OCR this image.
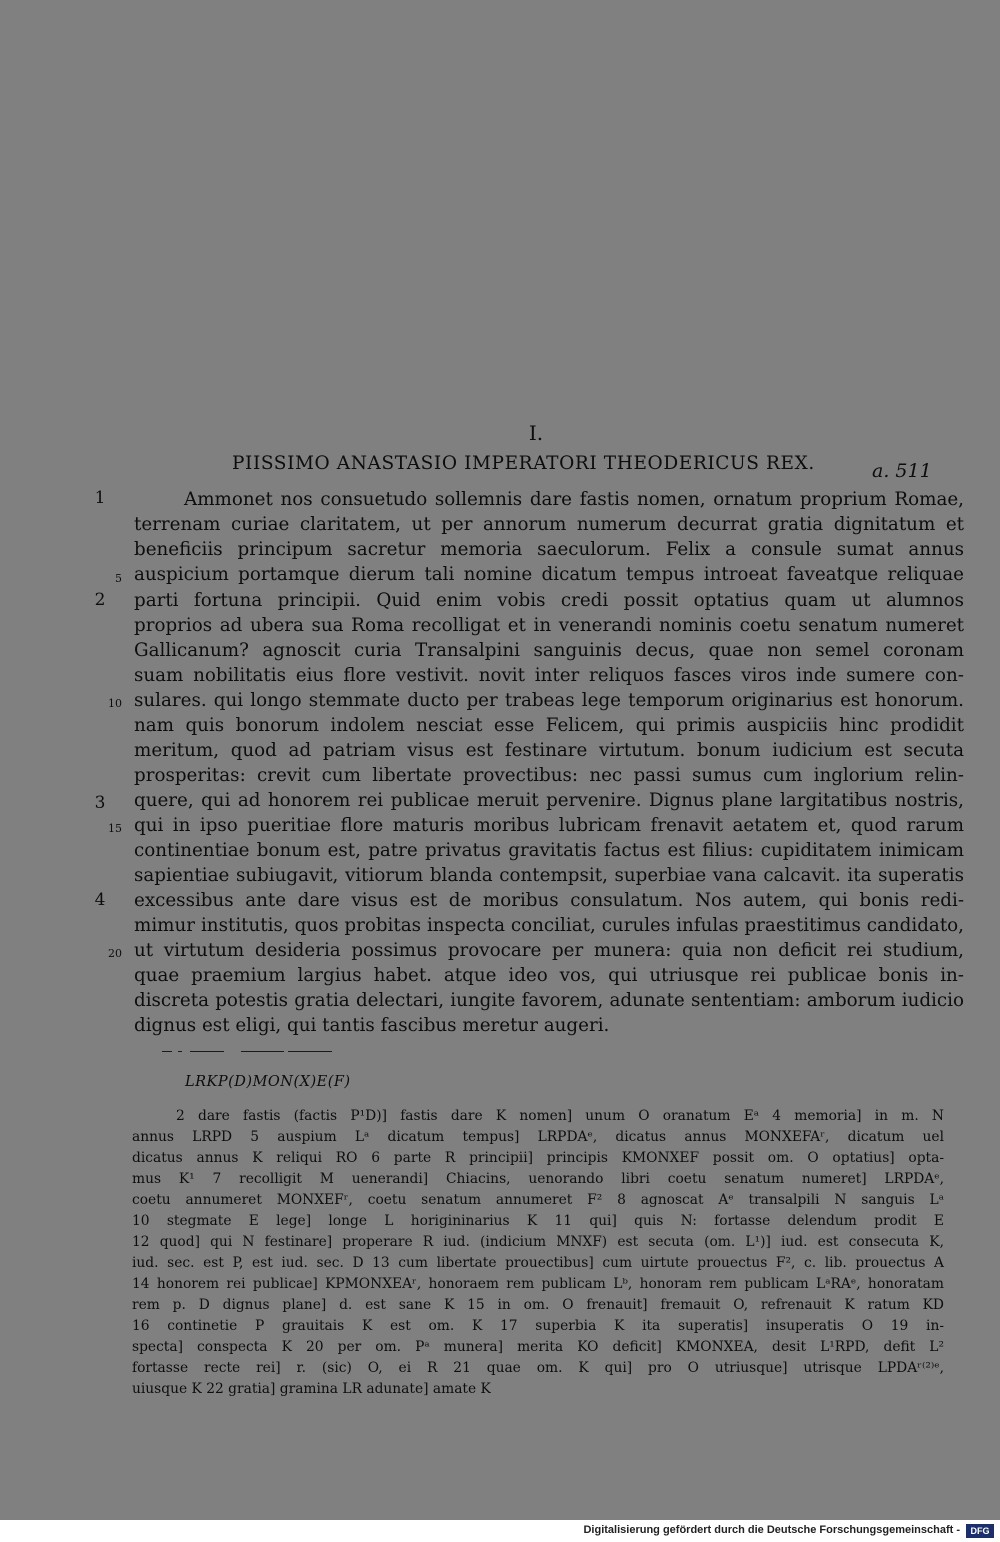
I.
PIISSIMO ANASTASIO IMPERATORI THEODERICUS REX.	a. 511
1
2
3
4
5
10
15
20
Ammonet nos consuetudo sollemnis dare fastis nomen, ornatum proprium Romae,
terrenam curiae claritatem, ut per annorum numerum decurrat gratia dignitatum et
beneficiis principum sacretur memoria saeculorum. Felix a consule sumat annus
auspicium portamque dierum tali nomine dicatum tempus introeat faveatque reliquae
parti fortuna principii. Quid enim vobis credi possit optatius quam ut alumnos
proprios ad ubera sua Roma recolligat et in venerandi nominis coetu senatum numeret
Gallicanum? agnoscit curia Transalpini sanguinis decus, quae non semel coronam
suam nobilitatis eius flore vestivit. novit inter reliquos fasces viros inde sumere con-
sulares. qui longo stemmate ducto per trabeas lege temporum originarius est honorum.
nam quis bonorum indolem nesciat esse Felicem, qui primis auspiciis hinc prodidit
meritum, quod ad patriam visus est festinare virtutum. bonum iudicium est secuta
prosperitas: crevit cum libertate provectibus: nec passi sumus cum inglorium relin-
quere, qui ad honorem rei publicae meruit pervenire. Dignus plane largitatibus nostris,
qui in ipso pueritiae flore maturis moribus lubricam frenavit aetatem et, quod rarum
continentiae bonum est, patre privatus gravitatis factus est filius: cupiditatem inimicam
sapientiae subiugavit, vitiorum blanda contempsit, superbiae vana calcavit. ita superatis
excessibus ante dare visus est de moribus consulatum. Nos autem, qui bonis redi-
mimur institutis, quos probitas inspecta conciliat, curules infulas praestitimus candidato,
ut virtutum desideria possimus provocare per munera: quia non deficit rei studium,
quae praemium largius habet. atque ideo vos, qui utriusque rei publicae bonis in-
discreta potestis gratia delectari, iungite favorem, adunate sententiam: amborum iudicio
dignus est eligi, qui tantis fascibus meretur augeri.
LRKP(D)MON(X)E(F)
2 dare fastis (factis P¹D)] fastis dare K nomen] unum O oranatum Eᵃ 4 memoria] in m. N
annus LRPD 5 auspium Lᵃ dicatum tempus] LRPDAᵉ, dicatus annus MONXEFAʳ, dicatum uel
dicatus annus K reliqui RO 6 parte R principii] principis KMONXEF possit om. O optatius] opta-
mus K¹ 7 recolligit M uenerandi] Chiacins, uenorando libri coetu senatum numeret] LRPDAᵉ,
coetu annumeret MONXEFʳ, coetu senatum annumeret F² 8 agnoscat Aᵉ transalpili N sanguis Lᵃ
10 stegmate E lege] longe L horigininarius K 11 qui] quis N: fortasse delendum prodit E
12 quod] qui N festinare] properare R iud. (indicium MNXF) est secuta (om. L¹)] iud. est consecuta K,
iud. sec. est P, est iud. sec. D 13 cum libertate prouectibus] cum uirtute prouectus F², c. lib. prouectus A
14 honorem rei publicae] KPMONXEAʳ, honoraem rem publicam Lᵇ, honoram rem publicam LᵃRAᵉ, honoratam
rem p. D dignus plane] d. est sane K 15 in om. O frenauit] fremauit O, refrenauit K ratum KD
16 continetie P grauitais K est om. K 17 superbia K ita superatis] insuperatis O 19 in-
specta] conspecta K 20 per om. Pᵃ munera] merita KO deficit] KMONXEA, desit L¹RPD, defit L²
fortasse recte rei] r. (sic) O, ei R 21 quae om. K qui] pro O utriusque] utrisque LPDAʳ⁽²⁾ᵉ,
uiusque K 22 gratia] gramina LR adunate] amate K
Digitalisierung gefördert durch die Deutsche Forschungsgemeinschaft -	DFG
